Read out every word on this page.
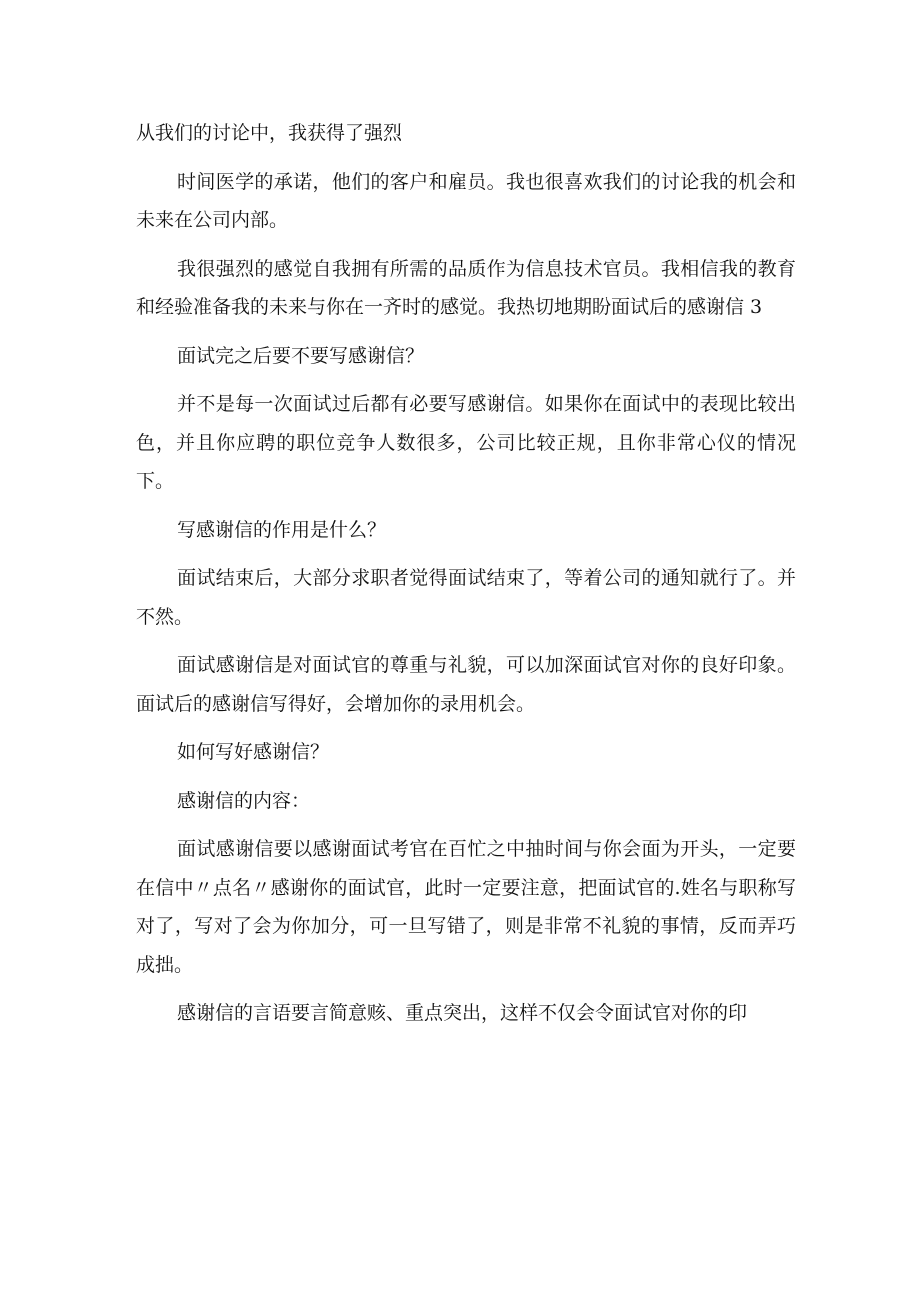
从我们的讨论中，我获得了强烈

时间医学的承诺，他们的客户和雇员。我也很喜欢我们的讨论我的机会和未来在公司内部。

我很强烈的感觉自我拥有所需的品质作为信息技术官员。我相信我的教育和经验准备我的未来与你在一齐时的感觉。我热切地期盼面试后的感谢信 3

面试完之后要不要写感谢信？

并不是每一次面试过后都有必要写感谢信。如果你在面试中的表现比较出色，并且你应聘的职位竞争人数很多，公司比较正规，且你非常心仪的情况下。

写感谢信的作用是什么？

面试结束后，大部分求职者觉得面试结束了，等着公司的通知就行了。并不然。

面试感谢信是对面试官的尊重与礼貌，可以加深面试官对你的良好印象。面试后的感谢信写得好，会增加你的录用机会。

如何写好感谢信？

感谢信的内容：

面试感谢信要以感谢面试考官在百忙之中抽时间与你会面为开头，一定要在信中〃点名〃感谢你的面试官，此时一定要注意，把面试官的.姓名与职称写对了，写对了会为你加分，可一旦写错了，则是非常不礼貌的事情，反而弄巧成拙。

感谢信的言语要言简意赅、重点突出，这样不仅会令面试官对你的印
